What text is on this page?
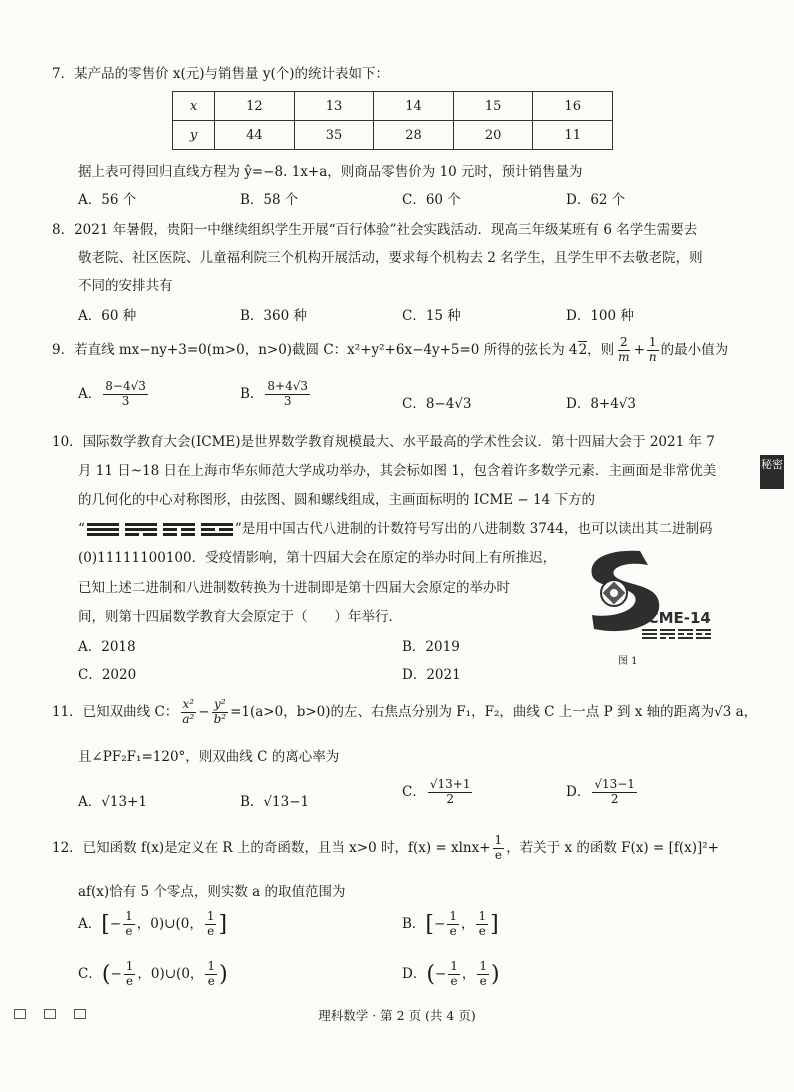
7．某产品的零售价 x(元)与销售量 y(个)的统计表如下：
x	12	13	14	15	16
y	44	35	28	20	11
据上表可得回归直线方程为 ŷ=−8. 1x+a，则商品零售价为 10 元时，预计销售量为
A．56 个	B．58 个	C．60 个	D．62 个
8．2021 年暑假，贵阳一中继续组织学生开展“百行体验”社会实践活动．现高三年级某班有 6 名学生需要去
敬老院、社区医院、儿童福利院三个机构开展活动，要求每个机构去 2 名学生，且学生甲不去敬老院，则
不同的安排共有
A．60 种	B．360 种	C．15 种	D．100 种
9．若直线 mx−ny+3=0(m>0，n>0)截圆 C：x²+y²+6x−4y+5=0 所得的弦长为 42，则 $\frac{2}{m} + \frac{1}{n}$ 的最小值为
A． $\frac{8-4√3}{3}$	B． $\frac{8+4√3}{3}$	C．8−4√3	D．8+4√3
10．国际数学教育大会(ICME)是世界数学教育规模最大、水平最高的学术性会议．第十四届大会于 2021 年 7
月 11 日~18 日在上海市华东师范大学成功举办，其会标如图 1，包含着许多数学元素．主画面是非常优美
的几何化的中心对称图形，由弦图、圆和螺线组成，主画面标明的 ICME − 14 下方的
“	”是用中国古代八进制的计数符号写出的八进制数 3744，也可以读出其二进制码
(0)11111100100．受疫情影响，第十四届大会在原定的举办时间上有所推迟，
已知上述二进制和八进制数转换为十进制即是第十四届大会原定的举办时
间，则第十四届数学教育大会原定于（　　）年举行．
A．2018	B．2019
C．2020	D．2021
ICME-14
图 1
11．已知双曲线 C： $\frac{\text{x²}}{\text{a²}} - \frac{\text{y²}}{\text{b²}} =1(a>0$，b>0)的左、右焦点分别为 F₁，F₂，曲线 C 上一点 P 到 x 轴的距离为√3 a，
且∠PF₂F₁=120°，则双曲线 C 的离心率为
A．√13+1	B．√13−1
C． $\frac{√13+1}{2}$	D． $\frac{√13-1}{2}$
12．已知函数 f(x)是定义在 R 上的奇函数，且当 x>0 时，$f(x) = xlnx+ \frac{1}{e}$ ，若关于 x 的函数 F(x) = [f(x)]²+
af(x)恰有 5 个零点，则实数 a 的取值范围为
A．[− $\frac{1}{e}$ ，0)∪(0， $\frac{1}{e}$ ]	B．[− $\frac{1}{e}$ ， $\frac{1}{e}$ ]
C．(− $\frac{1}{e}$ ，0)∪(0， $\frac{1}{e}$ )	D．(− $\frac{1}{e}$ ， $\frac{1}{e}$ )
秘密
理科数学 · 第 2 页 (共 4 页)
